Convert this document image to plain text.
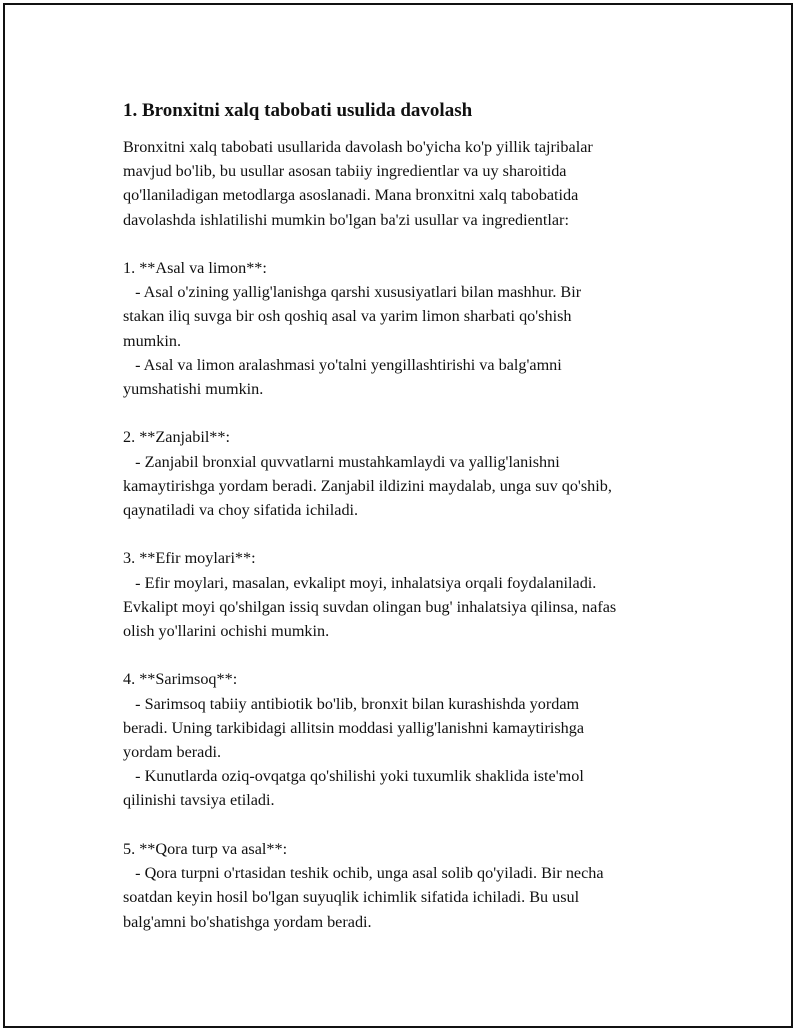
1. Bronxitni xalq tabobati usulida davolash

Bronxitni xalq tabobati usullarida davolash bo'yicha ko'p yillik tajribalar
mavjud bo'lib, bu usullar asosan tabiiy ingredientlar va uy sharoitida
qo'llaniladigan metodlarga asoslanadi. Mana bronxitni xalq tabobatida
davolashda ishlatilishi mumkin bo'lgan ba'zi usullar va ingredientlar:

1. **Asal va limon**:
- Asal o'zining yallig'lanishga qarshi xususiyatlari bilan mashhur. Bir
stakan iliq suvga bir osh qoshiq asal va yarim limon sharbati qo'shish
mumkin.
- Asal va limon aralashmasi yo'talni yengillashtirishi va balg'amni
yumshatishi mumkin.

2. **Zanjabil**:
- Zanjabil bronxial quvvatlarni mustahkamlaydi va yallig'lanishni
kamaytirishga yordam beradi. Zanjabil ildizini maydalab, unga suv qo'shib,
qaynatiladi va choy sifatida ichiladi.

3. **Efir moylari**:
- Efir moylari, masalan, evkalipt moyi, inhalatsiya orqali foydalaniladi.
Evkalipt moyi qo'shilgan issiq suvdan olingan bug' inhalatsiya qilinsa, nafas
olish yo'llarini ochishi mumkin.

4. **Sarimsoq**:
- Sarimsoq tabiiy antibiotik bo'lib, bronxit bilan kurashishda yordam
beradi. Uning tarkibidagi allitsin moddasi yallig'lanishni kamaytirishga
yordam beradi.
- Kunutlarda oziq-ovqatga qo'shilishi yoki tuxumlik shaklida iste'mol
qilinishi tavsiya etiladi.

5. **Qora turp va asal**:
- Qora turpni o'rtasidan teshik ochib, unga asal solib qo'yiladi. Bir necha
soatdan keyin hosil bo'lgan suyuqlik ichimlik sifatida ichiladi. Bu usul
balg'amni bo'shatishga yordam beradi.
